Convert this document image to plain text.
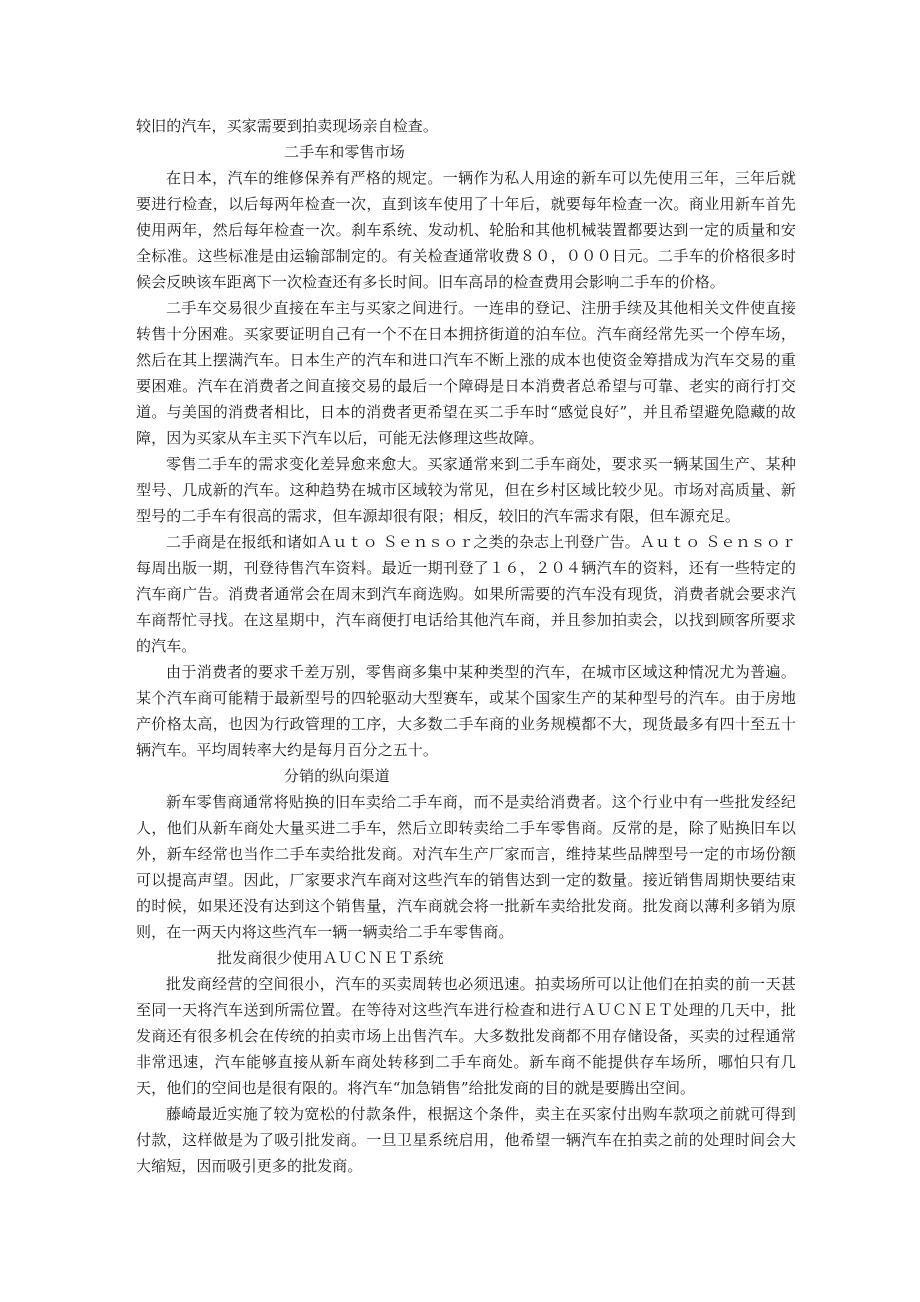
较旧的汽车，买家需要到拍卖现场亲自检查。

二手车和零售市场

在日本，汽车的维修保养有严格的规定。一辆作为私人用途的新车可以先使用三年，三年后就要进行检查，以后每两年检查一次，直到该车使用了十年后，就要每年检查一次。商业用新车首先使用两年，然后每年检查一次。刹车系统、发动机、轮胎和其他机械装置都要达到一定的质量和安全标准。这些标准是由运输部制定的。有关检查通常收费８０，０００日元。二手车的价格很多时候会反映该车距离下一次检查还有多长时间。旧车高昂的检查费用会影响二手车的价格。

二手车交易很少直接在车主与买家之间进行。一连串的登记、注册手续及其他相关文件使直接转售十分困难。买家要证明自己有一个不在日本拥挤街道的泊车位。汽车商经常先买一个停车场，然后在其上摆满汽车。日本生产的汽车和进口汽车不断上涨的成本也使资金筹措成为汽车交易的重要困难。汽车在消费者之间直接交易的最后一个障碍是日本消费者总希望与可靠、老实的商行打交道。与美国的消费者相比，日本的消费者更希望在买二手车时“感觉良好”，并且希望避免隐藏的故障，因为买家从车主买下汽车以后，可能无法修理这些故障。

零售二手车的需求变化差异愈来愈大。买家通常来到二手车商处，要求买一辆某国生产、某种型号、几成新的汽车。这种趋势在城市区域较为常见，但在乡村区域比较少见。市场对高质量、新型号的二手车有很高的需求，但车源却很有限；相反，较旧的汽车需求有限，但车源充足。

二手商是在报纸和诸如Ａｕｔｏ Ｓｅｎｓｏｒ之类的杂志上刊登广告。Ａｕｔｏ Ｓｅｎｓｏｒ每周出版一期，刊登待售汽车资料。最近一期刊登了１６，２０４辆汽车的资料，还有一些特定的汽车商广告。消费者通常会在周末到汽车商选购。如果所需要的汽车没有现货，消费者就会要求汽车商帮忙寻找。在这星期中，汽车商便打电话给其他汽车商，并且参加拍卖会，以找到顾客所要求的汽车。

由于消费者的要求千差万别，零售商多集中某种类型的汽车，在城市区域这种情况尤为普遍。某个汽车商可能精于最新型号的四轮驱动大型赛车，或某个国家生产的某种型号的汽车。由于房地产价格太高，也因为行政管理的工序，大多数二手车商的业务规模都不大，现货最多有四十至五十辆汽车。平均周转率大约是每月百分之五十。

分销的纵向渠道

新车零售商通常将贴换的旧车卖给二手车商，而不是卖给消费者。这个行业中有一些批发经纪人，他们从新车商处大量买进二手车，然后立即转卖给二手车零售商。反常的是，除了贴换旧车以外，新车经常也当作二手车卖给批发商。对汽车生产厂家而言，维持某些品牌型号一定的市场份额可以提高声望。因此，厂家要求汽车商对这些汽车的销售达到一定的数量。接近销售周期快要结束的时候，如果还没有达到这个销售量，汽车商就会将一批新车卖给批发商。批发商以薄利多销为原则，在一两天内将这些汽车一辆一辆卖给二手车零售商。

批发商很少使用ＡＵＣＮＥＴ系统

批发商经营的空间很小，汽车的买卖周转也必须迅速。拍卖场所可以让他们在拍卖的前一天甚至同一天将汽车送到所需位置。在等待对这些汽车进行检查和进行ＡＵＣＮＥＴ处理的几天中，批发商还有很多机会在传统的拍卖市场上出售汽车。大多数批发商都不用存储设备，买卖的过程通常非常迅速，汽车能够直接从新车商处转移到二手车商处。新车商不能提供存车场所，哪怕只有几天，他们的空间也是很有限的。将汽车“加急销售”给批发商的目的就是要腾出空间。

藤崎最近实施了较为宽松的付款条件，根据这个条件，卖主在买家付出购车款项之前就可得到付款，这样做是为了吸引批发商。一旦卫星系统启用，他希望一辆汽车在拍卖之前的处理时间会大大缩短，因而吸引更多的批发商。
